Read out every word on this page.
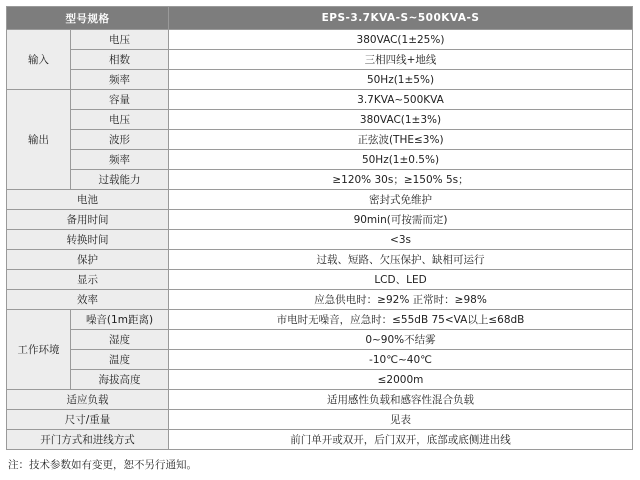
型号规格		EPS-3.7KVA-S~500KVA-S
输入	电压	380VAC(1±25%)
	相数	三相四线+地线
	频率	50Hz(1±5%)
输出	容量	3.7KVA~500KVA
	电压	380VAC(1±3%)
	波形	正弦波(THE≤3%)
	频率	50Hz(1±0.5%)
	过载能力	≥120% 30s；≥150% 5s；
电池		密封式免维护
备用时间		90min(可按需而定)
转换时间		<3s
保护		过载、短路、欠压保护、缺相可运行
显示		LCD、LED
效率		应急供电时：≥92% 正常时：≥98%
工作环境	噪音(1m距离)	市电时无噪音，应急时：≤55dB 75<VA以上≤68dB
	湿度	0~90%不结雾
	温度	-10℃~40℃
	海拔高度	≤2000m
适应负载		适用感性负载和感容性混合负载
尺寸/重量		见表
开门方式和进线方式		前门单开或双开，后门双开，底部或底侧进出线
注：技术参数如有变更，恕不另行通知。
